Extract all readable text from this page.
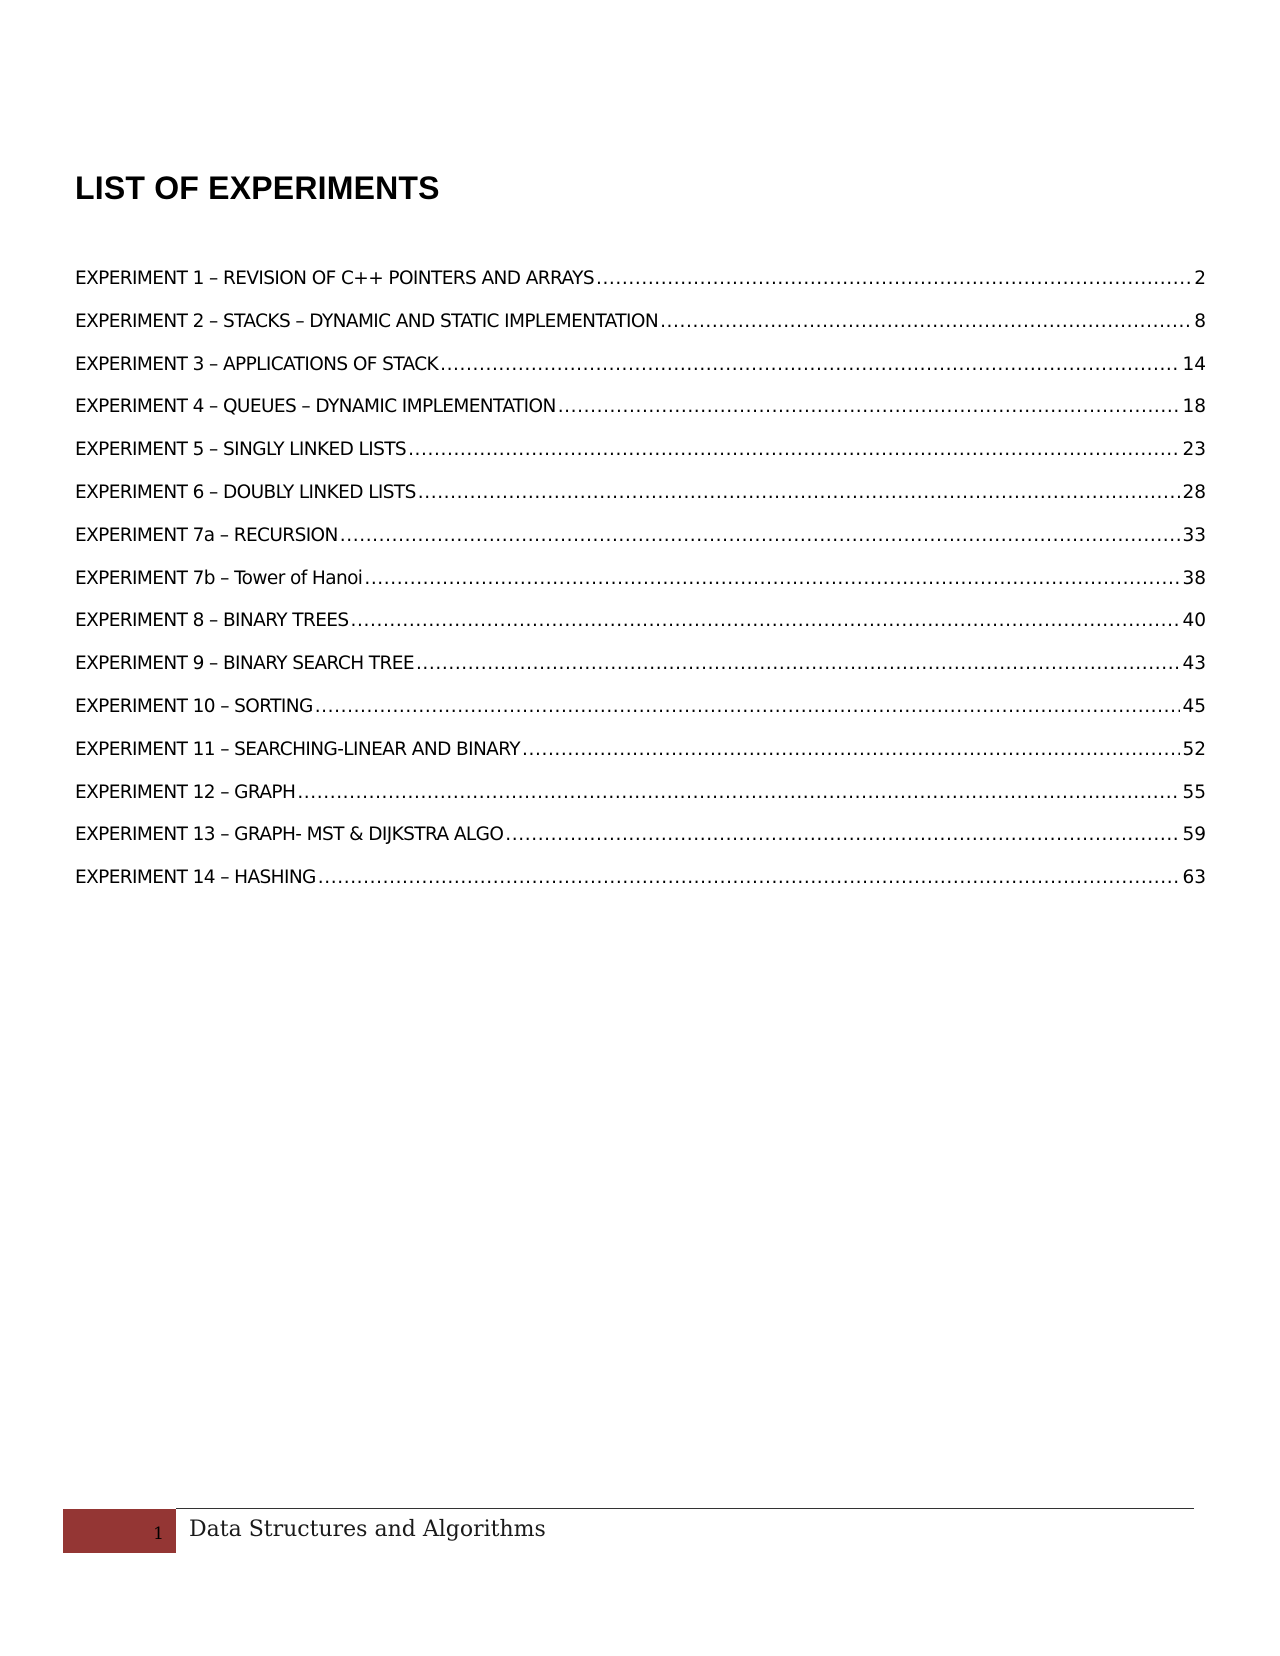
LIST OF EXPERIMENTS
EXPERIMENT 1 – REVISION OF C++ POINTERS AND ARRAYS .....	2
EXPERIMENT 2 – STACKS – DYNAMIC AND STATIC IMPLEMENTATION .....	8
EXPERIMENT 3 – APPLICATIONS OF STACK .....	14
EXPERIMENT 4 – QUEUES – DYNAMIC IMPLEMENTATION .....	18
EXPERIMENT 5 – SINGLY LINKED LISTS .....	23
EXPERIMENT 6 – DOUBLY LINKED LISTS .....	28
EXPERIMENT 7a – RECURSION .....	33
EXPERIMENT 7b – Tower of Hanoi .....	38
EXPERIMENT 8 – BINARY TREES .....	40
EXPERIMENT 9 – BINARY SEARCH TREE .....	43
EXPERIMENT 10 – SORTING .....	45
EXPERIMENT 11 – SEARCHING-LINEAR AND BINARY .....	52
EXPERIMENT 12 – GRAPH .....	55
EXPERIMENT 13 – GRAPH- MST & DIJKSTRA ALGO .....	59
EXPERIMENT 14 – HASHING .....	63
1 Data Structures and Algorithms
